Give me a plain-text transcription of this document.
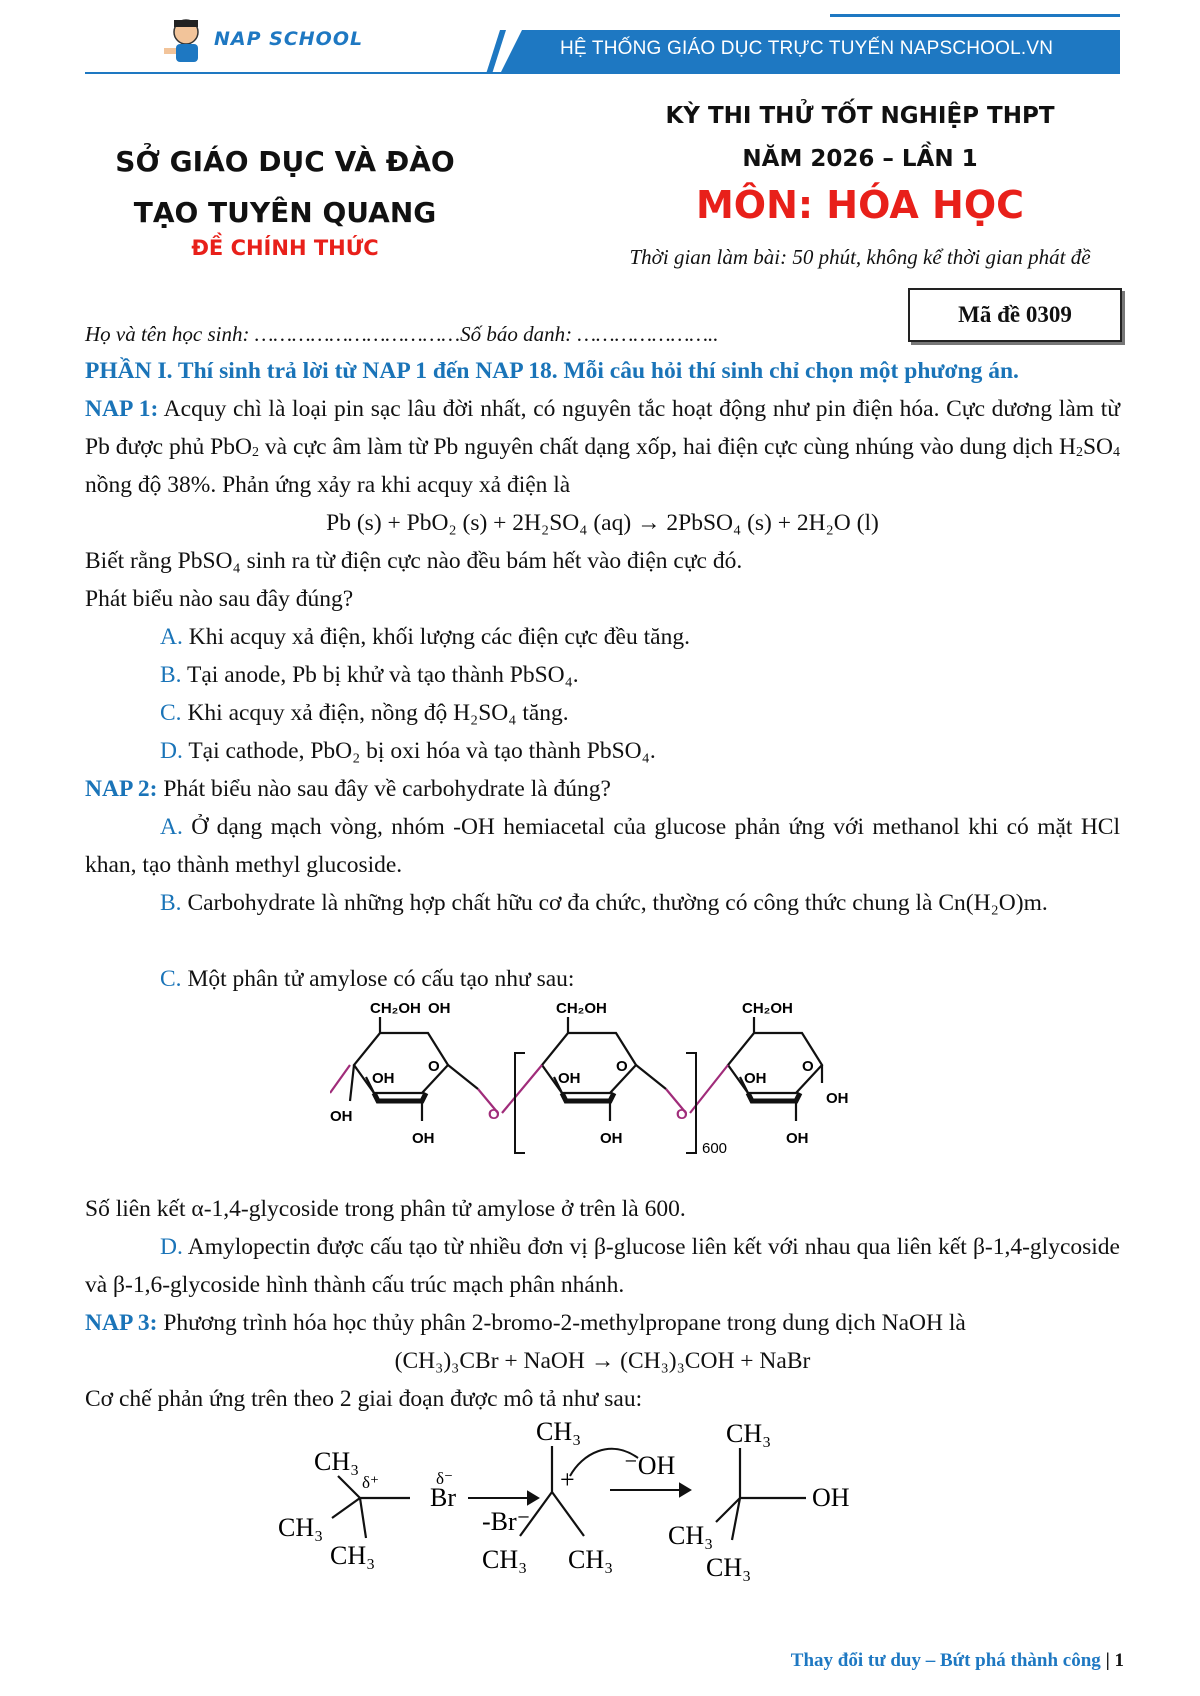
NAP SCHOOL	HỆ THỐNG GIÁO DỤC TRỰC TUYẾN NAPSCHOOL.VN
SỞ GIÁO DỤC VÀ ĐÀO
TẠO TUYÊN QUANG
ĐỀ CHÍNH THỨC
KỲ THI THỬ TỐT NGHIỆP THPT
NĂM 2026 – LẦN 1
MÔN: HÓA HỌC
Thời gian làm bài: 50 phút, không kể thời gian phát đề
Mã đề 0309
Họ và tên học sinh: ……………………………Số báo danh: …………………..
PHẦN I. Thí sinh trả lời từ NAP 1 đến NAP 18. Mỗi câu hỏi thí sinh chỉ chọn một phương án.
NAP 1: Acquy chì là loại pin sạc lâu đời nhất, có nguyên tắc hoạt động như pin điện hóa. Cực dương làm từ Pb được phủ PbO$_2$ và cực âm làm từ Pb nguyên chất dạng xốp, hai điện cực cùng nhúng vào dung dịch $H_2SO_4$ nồng độ 38%. Phản ứng xảy ra khi acquy xả điện là
Pb (s) + PbO₂ (s) + 2H₂SO₄ (aq) → 2PbSO₄ (s) + 2H₂O (l)
Biết rằng PbSO₄ sinh ra từ điện cực nào đều bám hết vào điện cực đó.
Phát biểu nào sau đây đúng?
A. Khi acquy xả điện, khối lượng các điện cực đều tăng.
B. Tại anode, Pb bị khử và tạo thành PbSO₄.
C. Khi acquy xả điện, nồng độ H₂SO₄ tăng.
D. Tại cathode, PbO₂ bị oxi hóa và tạo thành PbSO₄.
NAP 2: Phát biểu nào sau đây về carbohydrate là đúng?
A. Ở dạng mạch vòng, nhóm -OH hemiacetal của glucose phản ứng với methanol khi có mặt HCl khan, tạo thành methyl glucoside.
B. Carbohydrate là những hợp chất hữu cơ đa chức, thường có công thức chung là Cn(H₂O)m.
C. Một phân tử amylose có cấu tạo như sau:
CH₂OH OH
O
OH
OH
OH
O
CH₂OH
O
OH
OH
O
600
CH₂OH
O
OH
OH
OH
Số liên kết α-1,4-glycoside trong phân tử amylose ở trên là 600.
D. Amylopectin được cấu tạo từ nhiều đơn vị β-glucose liên kết với nhau qua liên kết β-1,4-glycoside và β-1,6-glycoside hình thành cấu trúc mạch phân nhánh.
NAP 3: Phương trình hóa học thủy phân 2-bromo-2-methylpropane trong dung dịch NaOH là
(CH₃)₃CBr + NaOH → (CH₃)₃COH + NaBr
Cơ chế phản ứng trên theo 2 giai đoạn được mô tả như sau:
CH₃
δ⁺	δ⁻
Br
CH₃
CH₃
-Br⁻
CH₃
+
CH₃ CH₃
⁻OH
CH₃
OH
CH₃
CH₃
Thay đổi tư duy – Bứt phá thành công | 1
